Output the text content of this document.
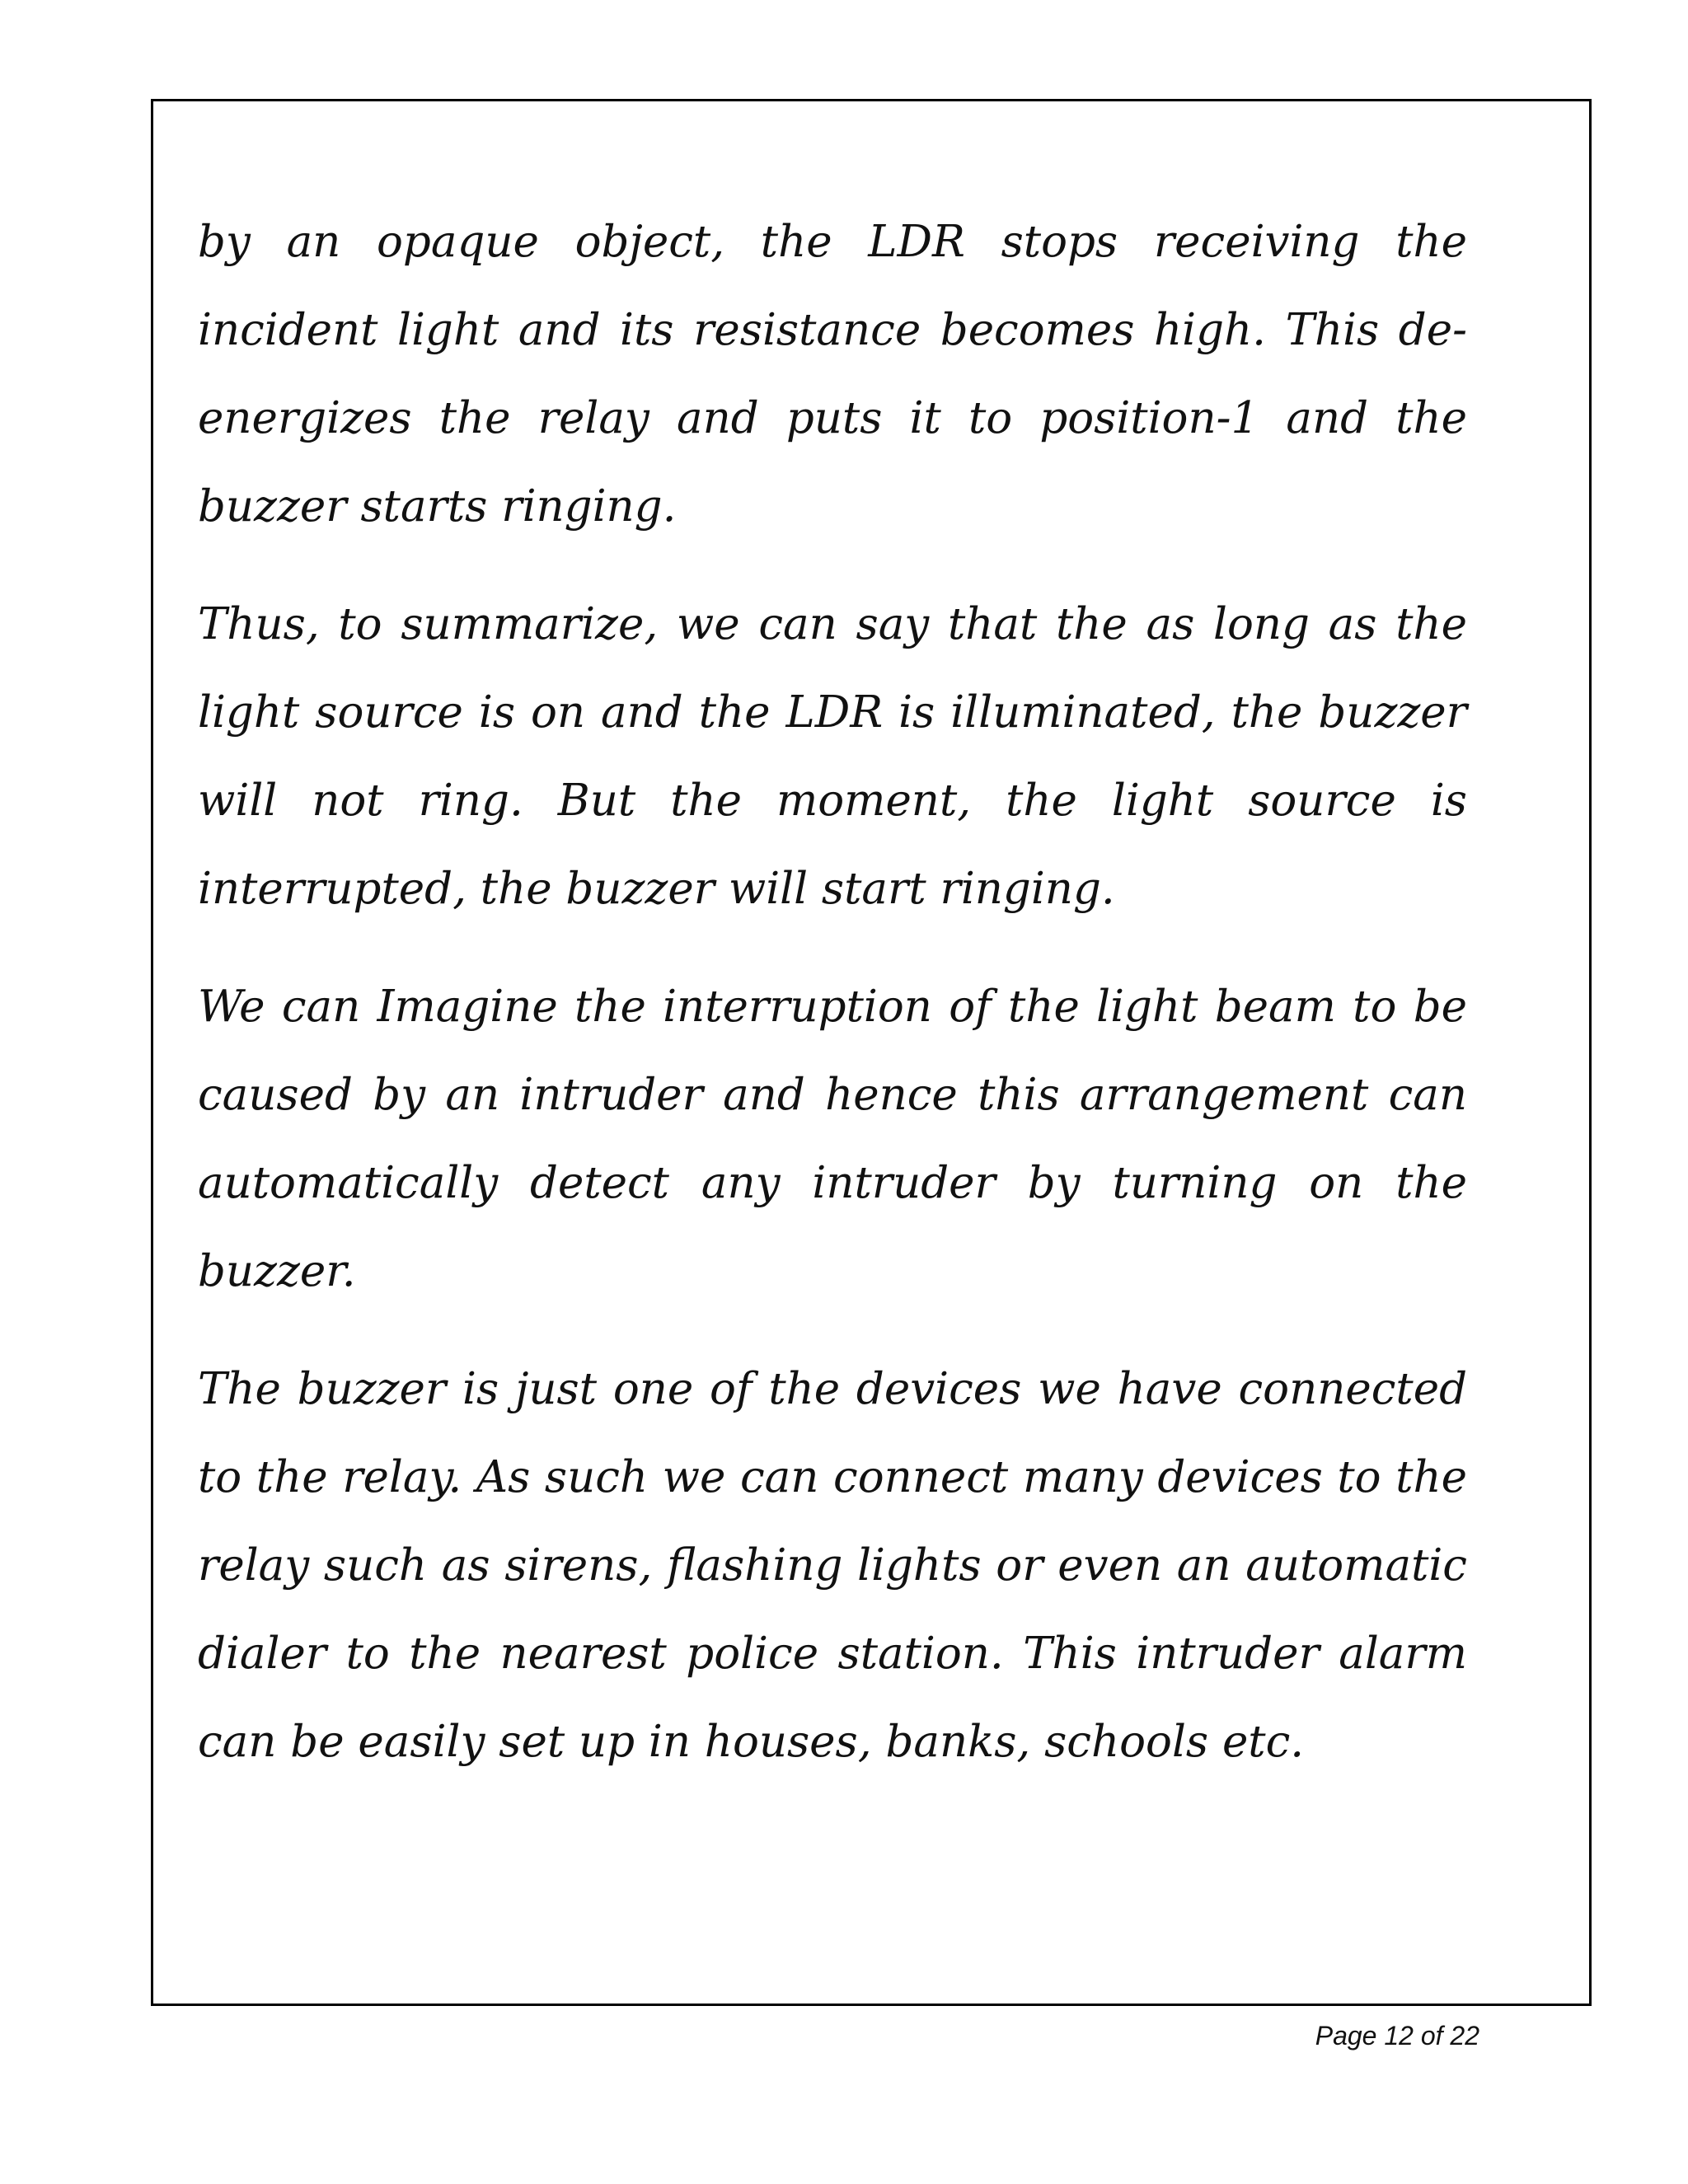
by an opaque object, the LDR stops receiving the incident light and its resistance becomes high. This de-energizes the relay and puts it to position-1 and the buzzer starts ringing.

Thus, to summarize, we can say that the as long as the light source is on and the LDR is illuminated, the buzzer will not ring. But the moment, the light source is interrupted, the buzzer will start ringing.

We can Imagine the interruption of the light beam to be caused by an intruder and hence this arrangement can automatically detect any intruder by turning on the buzzer.

The buzzer is just one of the devices we have connected to the relay. As such we can connect many devices to the relay such as sirens, flashing lights or even an automatic dialer to the nearest police station. This intruder alarm can be easily set up in houses, banks, schools etc.

Page 12 of 22
